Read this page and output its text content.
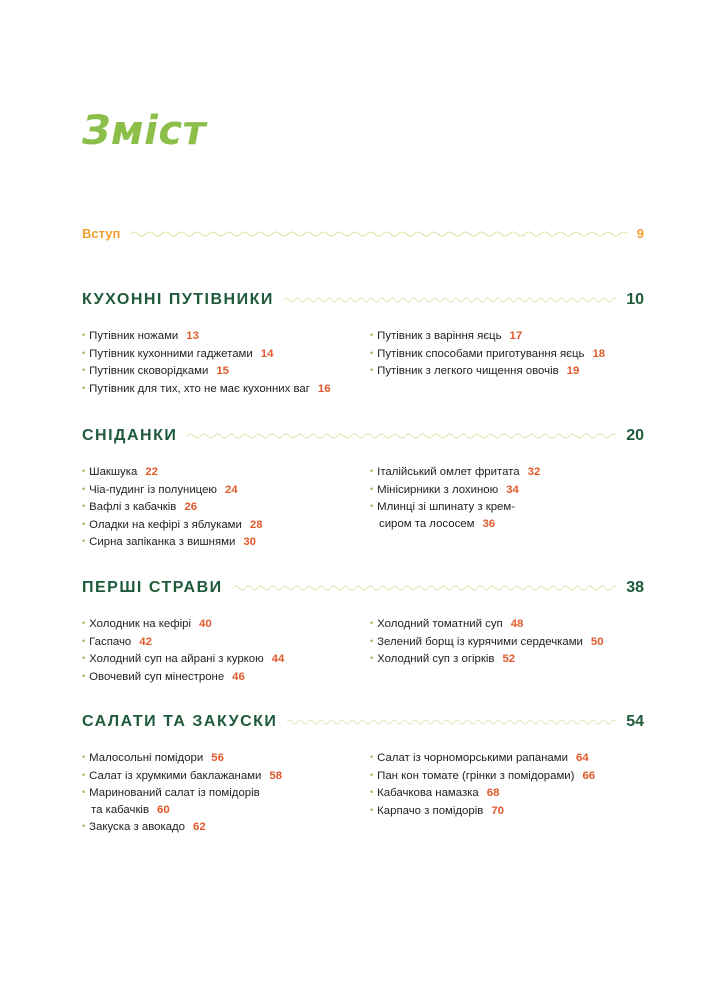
Зміст
Вступ	9
КУХОННІ ПУТІВНИКИ	10
• Путівник ножами 13
• Путівник кухонними гаджетами 14
• Путівник сковорідками 15
• Путівник для тих, хто не має кухонних ваг 16
• Путівник з варіння яєць 17
• Путівник способами приготування яєць 18
• Путівник з легкого чищення овочів 19
СНІДАНКИ	20
• Шакшука 22
• Чіа-пудинг із полуницею 24
• Вафлі з кабачків 26
• Оладки на кефірі з яблуками 28
• Сирна запіканка з вишнями 30
• Італійський омлет фритата 32
• Мінісирники з лохиною 34
• Млинці зі шпинату з крем-
сиром та лососем 36
ПЕРШІ СТРАВИ	38
• Холодник на кефірі 40
• Гаспачо 42
• Холодний суп на айрані з куркою 44
• Овочевий суп мінестроне 46
• Холодний томатний суп 48
• Зелений борщ із курячими сердечками 50
• Холодний суп з огірків 52
САЛАТИ ТА ЗАКУСКИ	54
• Малосольні помідори 56
• Салат із хрумкими баклажанами 58
• Маринований салат із помідорів
та кабачків 60
• Закуска з авокадо 62
• Салат із чорноморськими рапанами 64
• Пан кон томате (грінки з помідорами) 66
• Кабачкова намазка 68
• Карпачо з помідорів 70
